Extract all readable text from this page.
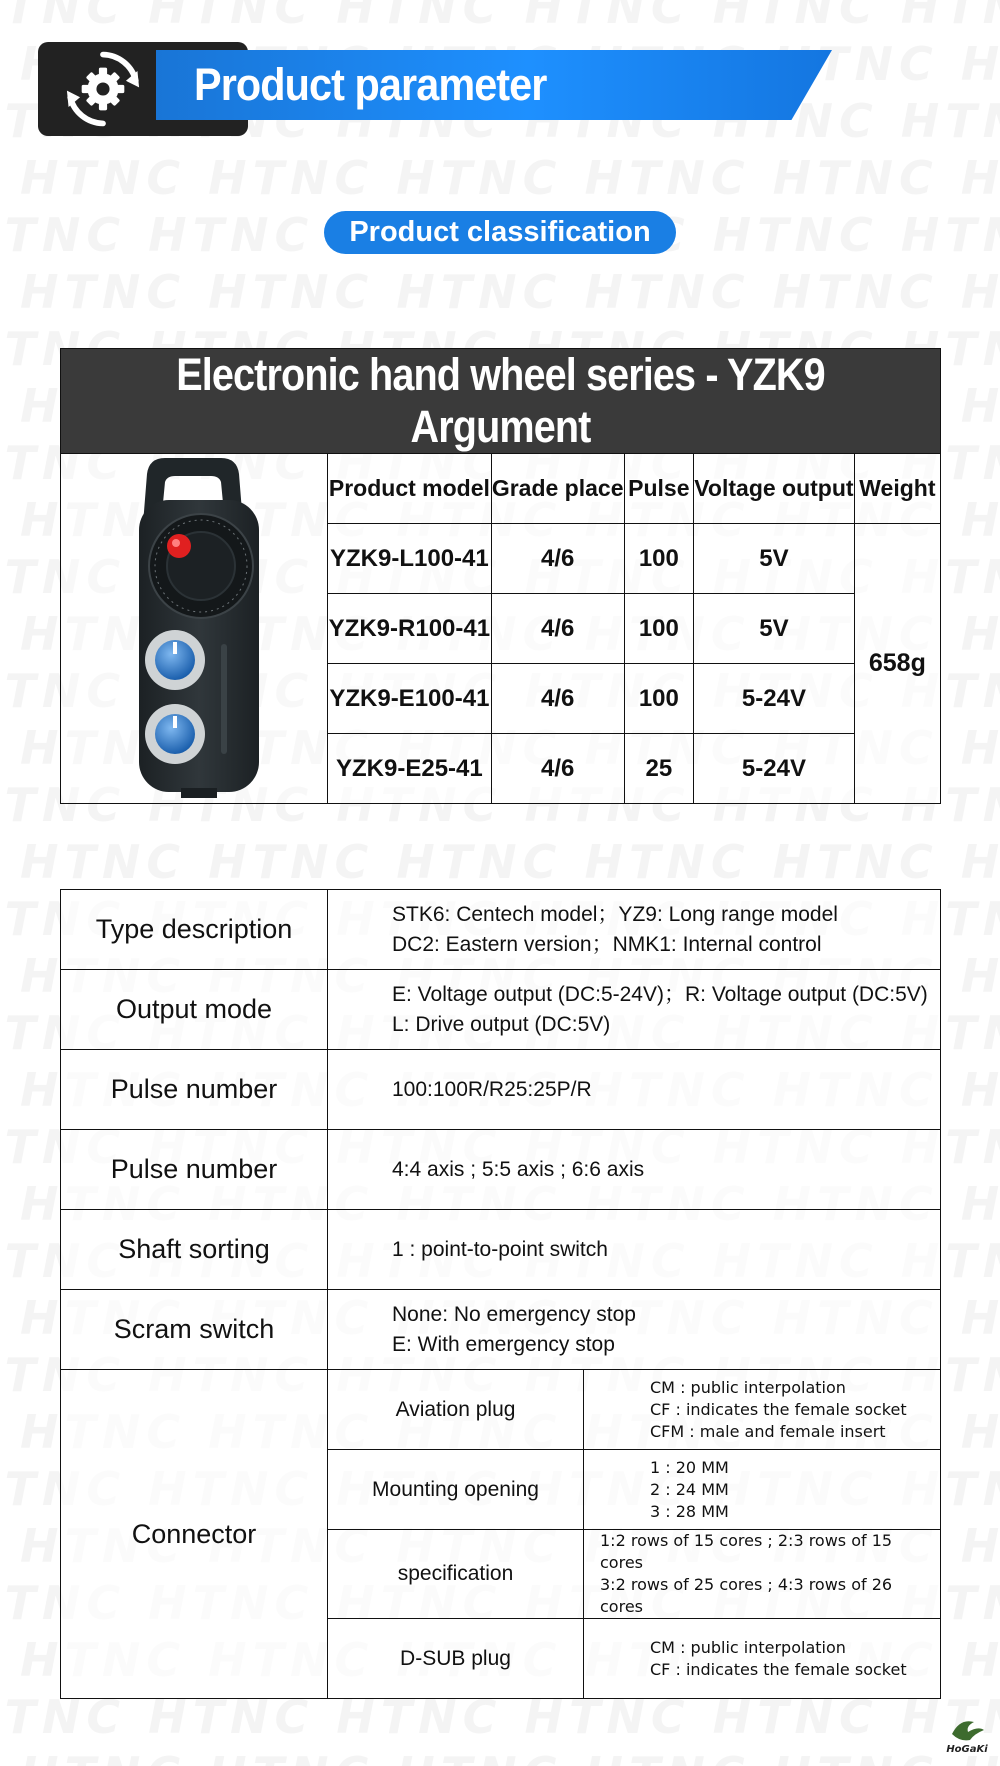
Product parameter
Product classification
Electronic hand wheel series - YZK9 Argument					
	Product model	Grade place	Pulse	Voltage output	Weight
	YZK9-L100-41	4/6	100	5V	658g
	YZK9-R100-41	4/6	100	5V	
	YZK9-E100-41	4/6	100	5-24V	
	YZK9-E25-41	4/6	25	5-24V	
Type description	STK6: Centech model；YZ9: Long range model
DC2: Eastern version；NMK1: Internal control	

Output mode	E: Voltage output (DC:5-24V)；R: Voltage output (DC:5V)
L: Drive output (DC:5V)	

Pulse number	100:100R/R25:25P/R	
Pulse number	4:4 axis ; 5:5 axis ; 6:6 axis	
Shaft sorting	1 : point-to-point switch	
Scram switch	None: No emergency stop
E: With emergency stop	

Connector	Aviation plug	CM : public interpolation
CF : indicates the female socket
CFM : male and female insert

	Mounting opening	1 : 20 MM
2 : 24 MM
3 : 28 MM

	specification	1:2 rows of 15 cores ; 2:3 rows of 15 cores
3:2 rows of 25 cores ; 4:3 rows of 26 cores

	D-SUB plug	CM : public interpolation
CF : indicates the female socket
HoGaKi
